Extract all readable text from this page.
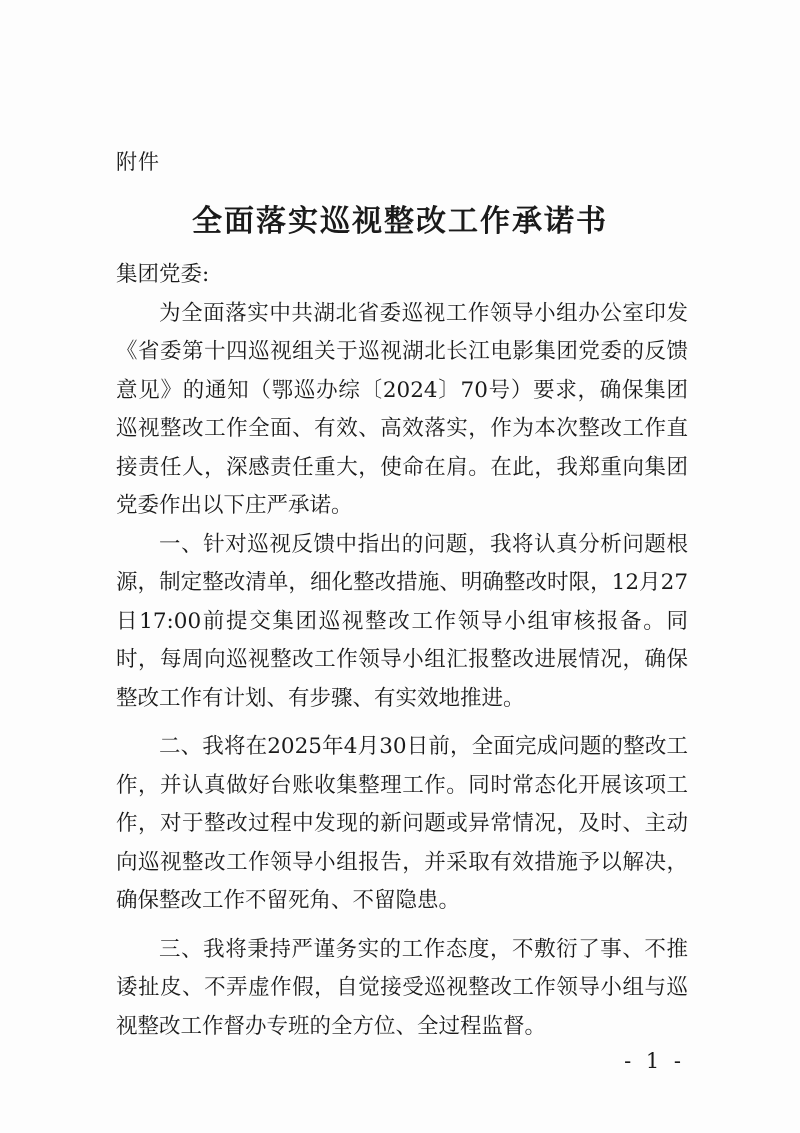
附件
全面落实巡视整改工作承诺书

集团党委:

为全面落实中共湖北省委巡视工作领导小组办公室印发《省委第十四巡视组关于巡视湖北长江电影集团党委的反馈意见》的通知（鄂巡办综〔2024〕70号）要求，确保集团巡视整改工作全面、有效、高效落实，作为本次整改工作直接责任人，深感责任重大，使命在肩。在此，我郑重向集团党委作出以下庄严承诺。

一、针对巡视反馈中指出的问题，我将认真分析问题根源，制定整改清单，细化整改措施、明确整改时限，12月27日17:00前提交集团巡视整改工作领导小组审核报备。同时，每周向巡视整改工作领导小组汇报整改进展情况，确保整改工作有计划、有步骤、有实效地推进。

二、我将在2025年4月30日前，全面完成问题的整改工作，并认真做好台账收集整理工作。同时常态化开展该项工作，对于整改过程中发现的新问题或异常情况，及时、主动向巡视整改工作领导小组报告，并采取有效措施予以解决，确保整改工作不留死角、不留隐患。

三、我将秉持严谨务实的工作态度，不敷衍了事、不推诿扯皮、不弄虚作假，自觉接受巡视整改工作领导小组与巡视整改工作督办专班的全方位、全过程监督。

- 1 -
